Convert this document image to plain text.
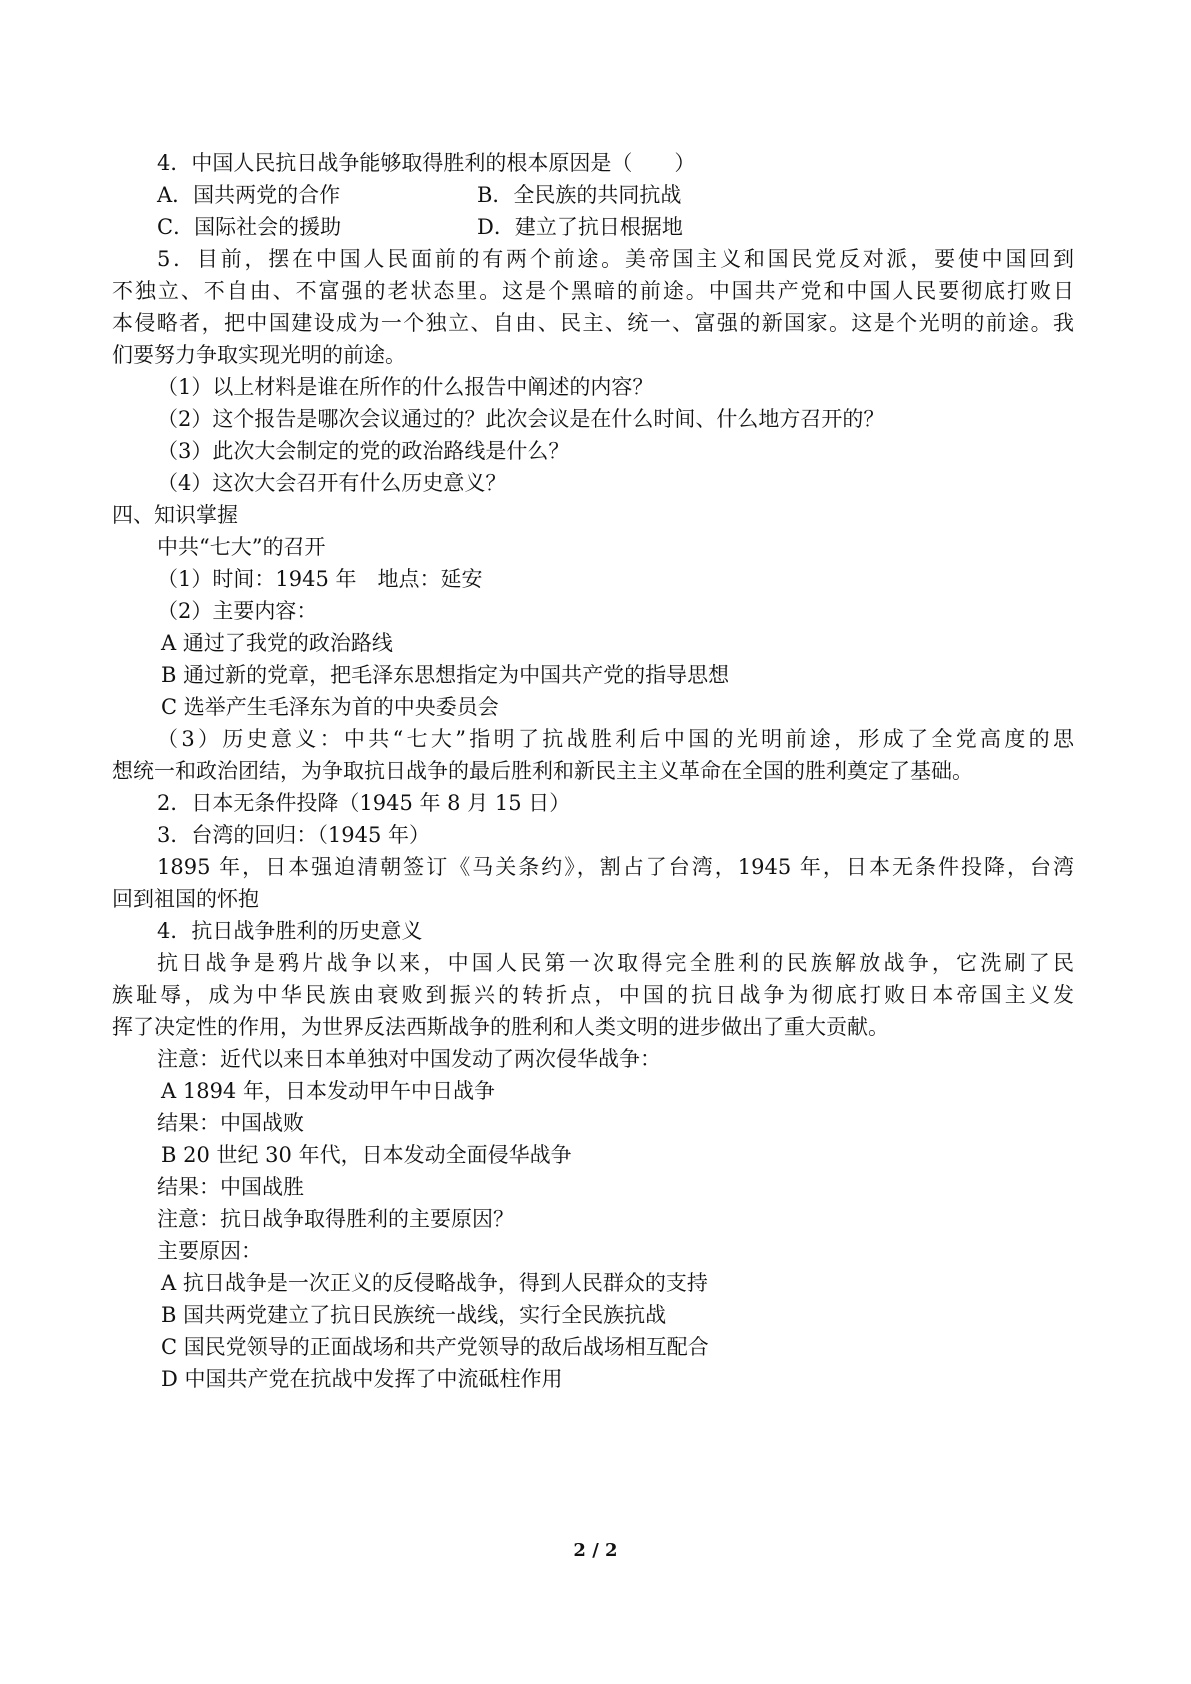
4．中国人民抗日战争能够取得胜利的根本原因是（　　）
A．国共两党的合作	B．全民族的共同抗战
C．国际社会的援助	D．建立了抗日根据地
5．目前，摆在中国人民面前的有两个前途。美帝国主义和国民党反对派，要使中国回到
不独立、不自由、不富强的老状态里。这是个黑暗的前途。中国共产党和中国人民要彻底打败日
本侵略者，把中国建设成为一个独立、自由、民主、统一、富强的新国家。这是个光明的前途。我
们要努力争取实现光明的前途。
（1）以上材料是谁在所作的什么报告中阐述的内容？
（2）这个报告是哪次会议通过的？此次会议是在什么时间、什么地方召开的？
（3）此次大会制定的党的政治路线是什么？
（4）这次大会召开有什么历史意义？
四、知识掌握
中共“七大”的召开
（1）时间：1945 年　地点：延安
（2）主要内容：
A 通过了我党的政治路线
B 通过新的党章，把毛泽东思想指定为中国共产党的指导思想
C 选举产生毛泽东为首的中央委员会
（3）历史意义：中共“七大”指明了抗战胜利后中国的光明前途，形成了全党高度的思
想统一和政治团结，为争取抗日战争的最后胜利和新民主主义革命在全国的胜利奠定了基础。
2．日本无条件投降（1945 年 8 月 15 日）
3．台湾的回归：（1945 年）
1895 年，日本强迫清朝签订《马关条约》，割占了台湾，1945 年，日本无条件投降，台湾
回到祖国的怀抱
4．抗日战争胜利的历史意义
抗日战争是鸦片战争以来，中国人民第一次取得完全胜利的民族解放战争，它洗刷了民
族耻辱，成为中华民族由衰败到振兴的转折点，中国的抗日战争为彻底打败日本帝国主义发
挥了决定性的作用，为世界反法西斯战争的胜利和人类文明的进步做出了重大贡献。
注意：近代以来日本单独对中国发动了两次侵华战争：
A 1894 年，日本发动甲午中日战争
结果：中国战败
B 20 世纪 30 年代，日本发动全面侵华战争
结果：中国战胜
注意：抗日战争取得胜利的主要原因？
主要原因：
A 抗日战争是一次正义的反侵略战争，得到人民群众的支持
B 国共两党建立了抗日民族统一战线，实行全民族抗战
C 国民党领导的正面战场和共产党领导的敌后战场相互配合
D 中国共产党在抗战中发挥了中流砥柱作用
2 / 2
